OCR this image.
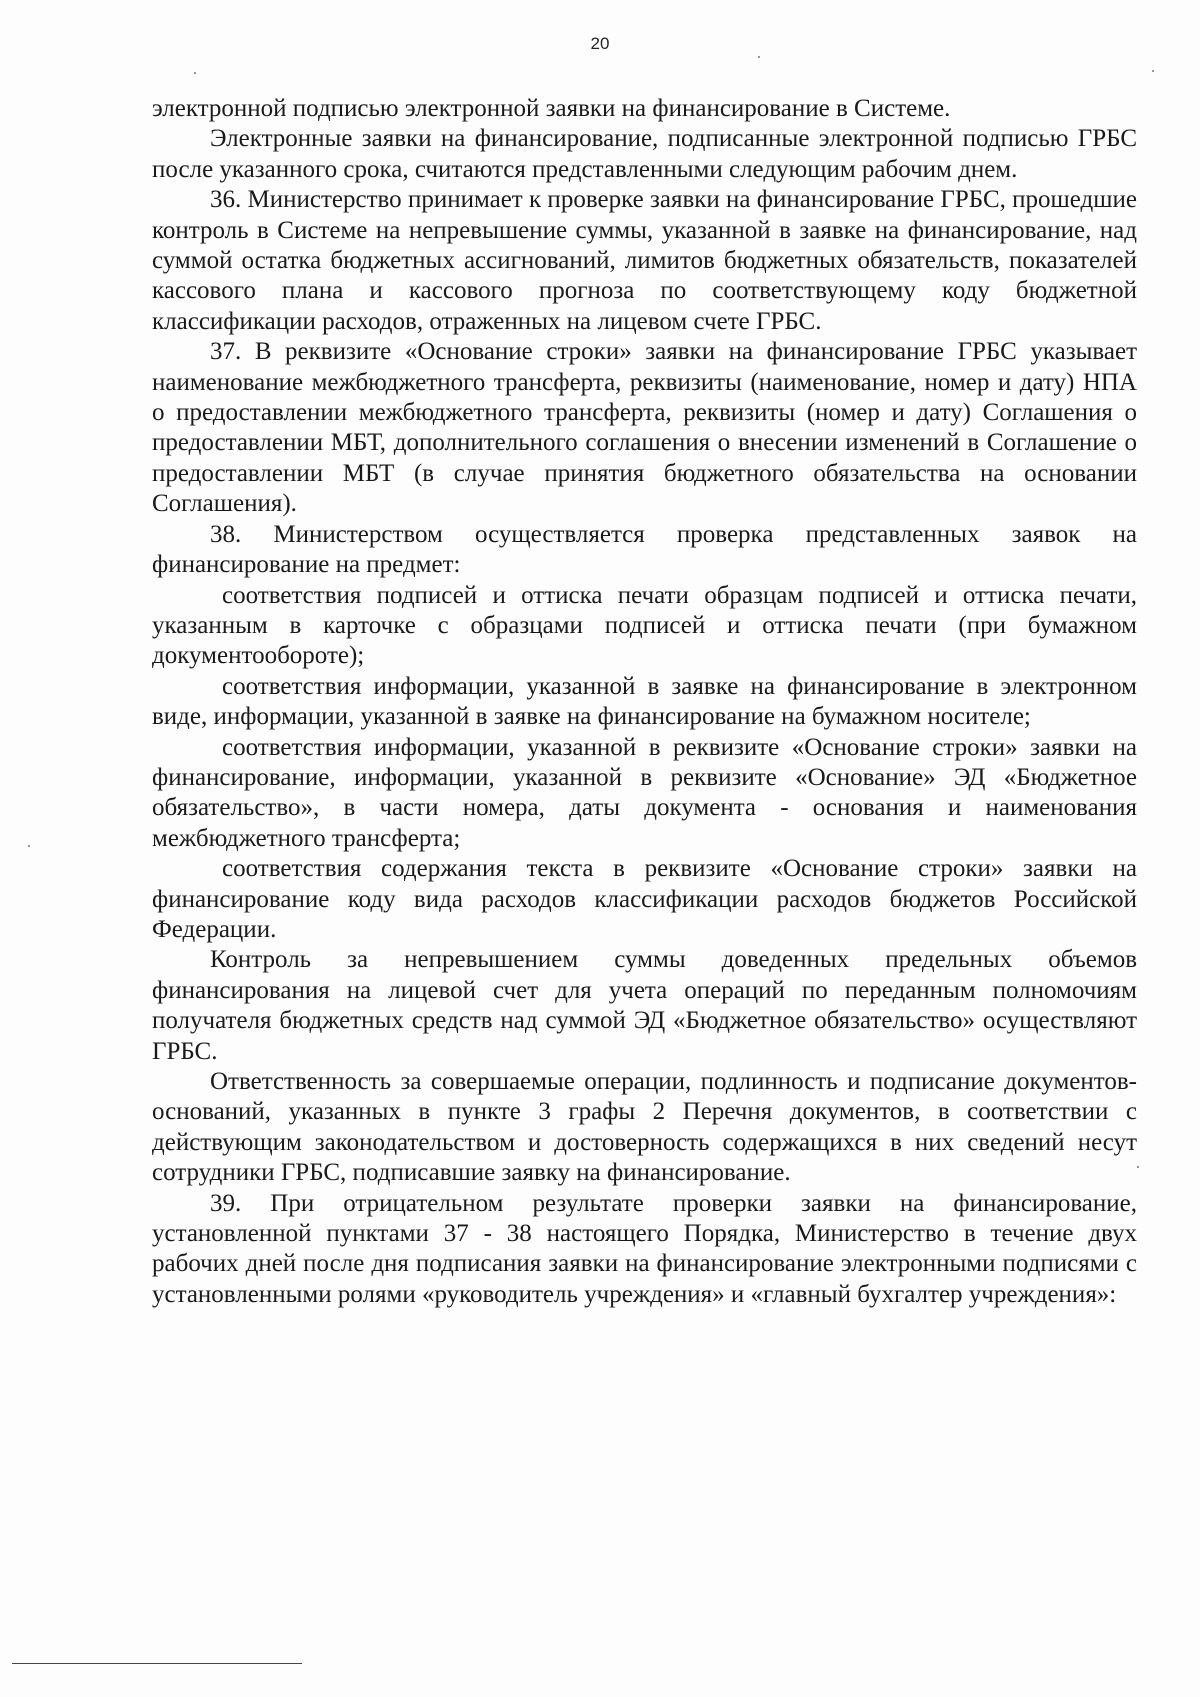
20

электронной подписью электронной заявки на финансирование в Системе.

Электронные заявки на финансирование, подписанные электронной подписью ГРБС после указанного срока, считаются представленными следующим рабочим днем.

36. Министерство принимает к проверке заявки на финансирование ГРБС, прошедшие контроль в Системе на непревышение суммы, указанной в заявке на финансирование, над суммой остатка бюджетных ассигнований, лимитов бюджетных обязательств, показателей кассового плана и кассового прогноза по соответствующему коду бюджетной классификации расходов, отраженных на лицевом счете ГРБС.

37. В реквизите «Основание строки» заявки на финансирование ГРБС указывает наименование межбюджетного трансферта, реквизиты (наименование, номер и дату) НПА о предоставлении межбюджетного трансферта, реквизиты (номер и дату) Соглашения о предоставлении МБТ, дополнительного соглашения о внесении изменений в Соглашение о предоставлении МБТ (в случае принятия бюджетного обязательства на основании Соглашения).

38. Министерством осуществляется проверка представленных заявок на финансирование на предмет:

соответствия подписей и оттиска печати образцам подписей и оттиска печати, указанным в карточке с образцами подписей и оттиска печати (при бумажном документообороте);

соответствия информации, указанной в заявке на финансирование в электронном виде, информации, указанной в заявке на финансирование на бумажном носителе;

соответствия информации, указанной в реквизите «Основание строки» заявки на финансирование, информации, указанной в реквизите «Основание» ЭД «Бюджетное обязательство», в части номера, даты документа - основания и наименования межбюджетного трансферта;

соответствия содержания текста в реквизите «Основание строки» заявки на финансирование коду вида расходов классификации расходов бюджетов Российской Федерации.

Контроль за непревышением суммы доведенных предельных объемов финансирования на лицевой счет для учета операций по переданным полномочиям получателя бюджетных средств над суммой ЭД «Бюджетное обязательство» осуществляют ГРБС.

Ответственность за совершаемые операции, подлинность и подписание документов-оснований, указанных в пункте 3 графы 2 Перечня документов, в соответствии с действующим законодательством и достоверность содержащихся в них сведений несут сотрудники ГРБС, подписавшие заявку на финансирование.

39. При отрицательном результате проверки заявки на финансирование, установленной пунктами 37 - 38 настоящего Порядка, Министерство в течение двух рабочих дней после дня подписания заявки на финансирование электронными подписями с установленными ролями «руководитель учреждения» и «главный бухгалтер учреждения»:
